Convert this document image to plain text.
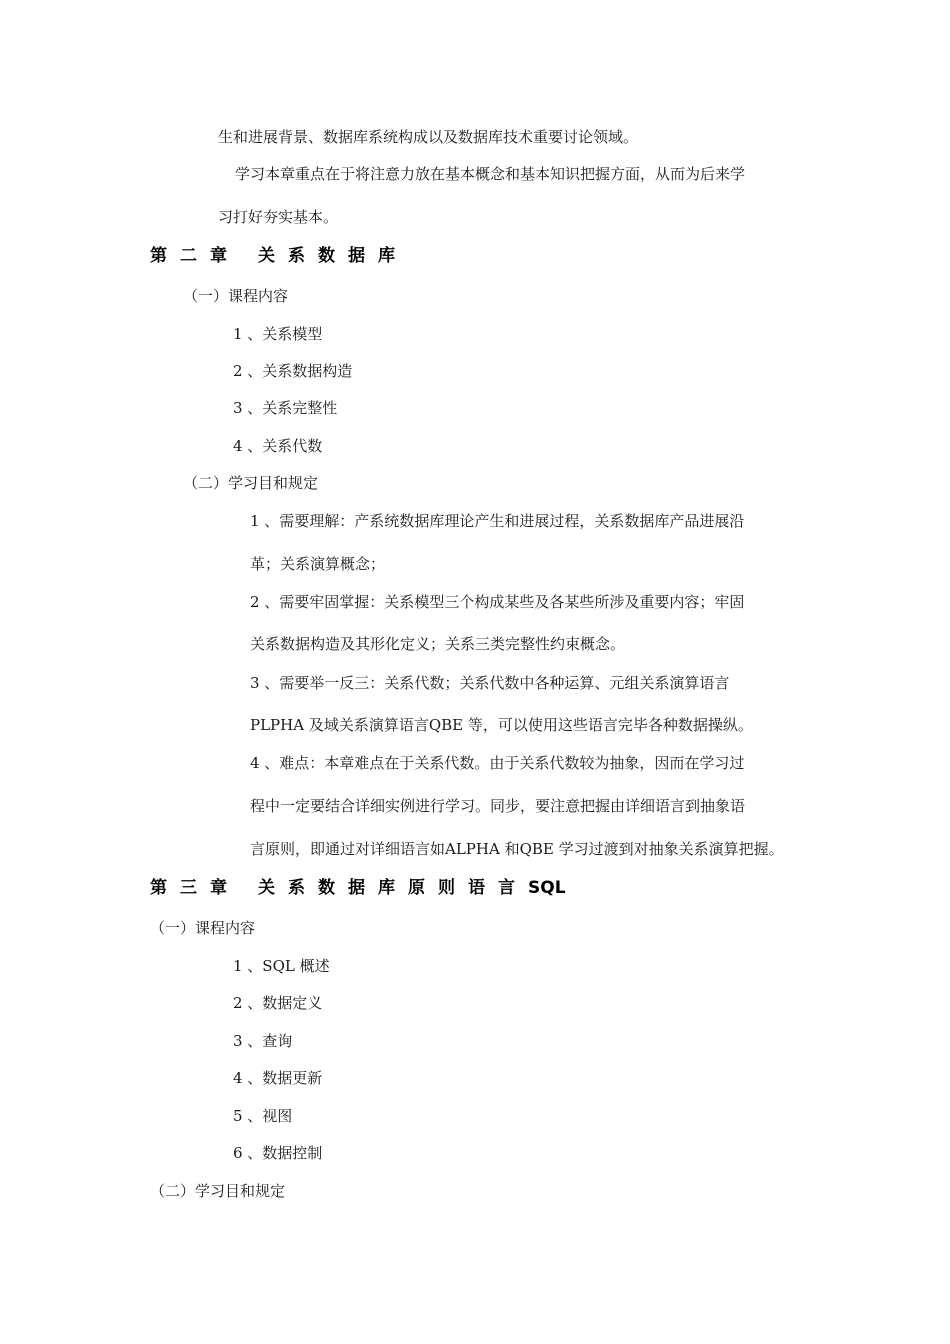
生和进展背景、数据库系统构成以及数据库技术重要讨论领域。
学习本章重点在于将注意力放在基本概念和基本知识把握方面，从而为后来学
习打好夯实基本。
第二章 关系数据库
（一）课程内容
1 、关系模型
2 、关系数据构造
3 、关系完整性
4 、关系代数
（二）学习目和规定
1 、需要理解：产系统数据库理论产生和进展过程，关系数据库产品进展沿
革；关系演算概念；
2 、需要牢固掌握：关系模型三个构成某些及各某些所涉及重要内容；牢固
关系数据构造及其形化定义；关系三类完整性约束概念。
3 、需要举一反三：关系代数；关系代数中各种运算、元组关系演算语言
PLPHA 及域关系演算语言QBE 等，可以使用这些语言完毕各种数据操纵。
4 、难点：本章难点在于关系代数。由于关系代数较为抽象，因而在学习过
程中一定要结合详细实例进行学习。同步，要注意把握由详细语言到抽象语
言原则，即通过对详细语言如ALPHA 和QBE 学习过渡到对抽象关系演算把握。
第三章 关系数据库原则语言SQL
（一）课程内容
1 、SQL 概述
2 、数据定义
3 、查询
4 、数据更新
5 、视图
6 、数据控制
（二）学习目和规定
